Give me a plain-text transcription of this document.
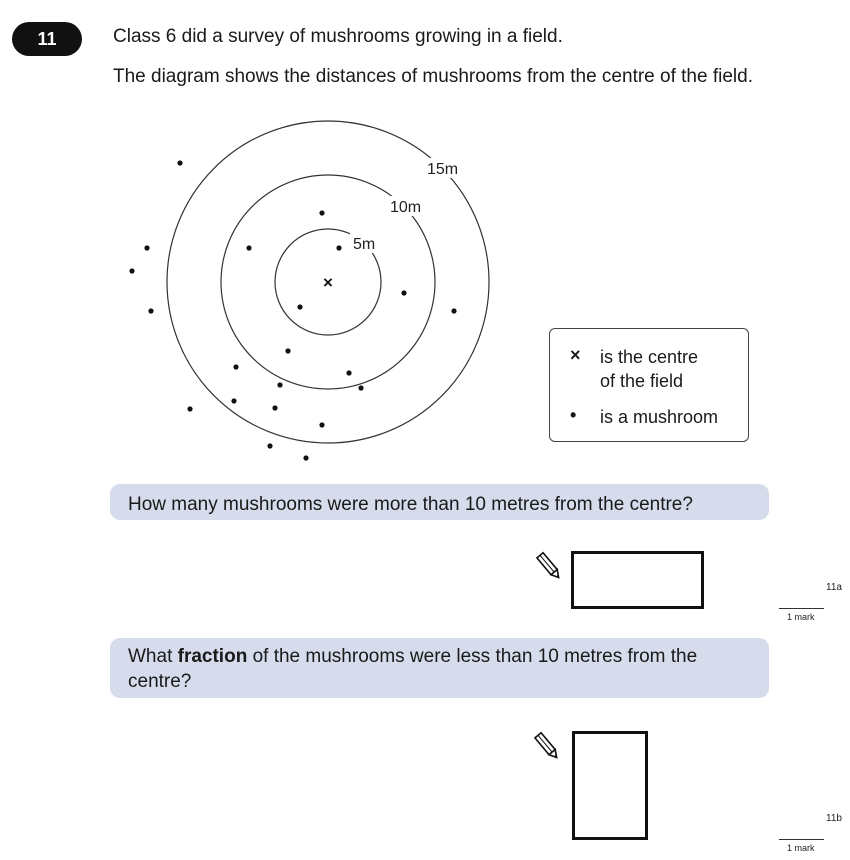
11	Class 6 did a survey of mushrooms growing in a field.
The diagram shows the distances of mushrooms from the centre of the field.
5m
10m
15m
×
×	is the centre
of the field
•	is a mushroom
How many mushrooms were more than 10 metres from the centre?
11a
1 mark
What fraction of the mushrooms were less than 10 metres from the centre?
11b
1 mark
